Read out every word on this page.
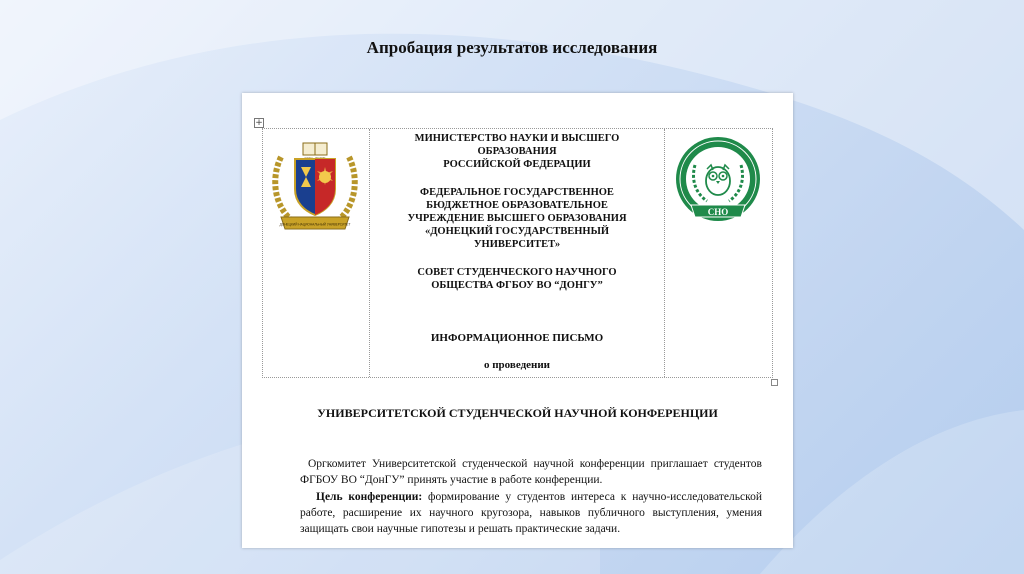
Апробация результатов исследования
+
ДОНЕЦКИЙ НАЦИОНАЛЬНЫЙ УНИВЕРСИТЕТ
МИНИСТЕРСТВО НАУКИ И ВЫСШЕГО
ОБРАЗОВАНИЯ
РОССИЙСКОЙ ФЕДЕРАЦИИ
ФЕДЕРАЛЬНОЕ ГОСУДАРСТВЕННОЕ
БЮДЖЕТНОЕ ОБРАЗОВАТЕЛЬНОЕ
УЧРЕЖДЕНИЕ ВЫСШЕГО ОБРАЗОВАНИЯ
«ДОНЕЦКИЙ ГОСУДАРСТВЕННЫЙ
УНИВЕРСИТЕТ»
СОВЕТ СТУДЕНЧЕСКОГО НАУЧНОГО
ОБЩЕСТВА ФГБОУ ВО “ДОНГУ”
ИНФОРМАЦИОННОЕ ПИСЬМО
о проведении
СНО
УНИВЕРСИТЕТСКОЙ СТУДЕНЧЕСКОЙ НАУЧНОЙ КОНФЕРЕНЦИИ

Оргкомитет Университетской студенческой научной конференции приглашает студентов ФГБОУ ВО “ДонГУ” принять участие в работе конференции.

Цель конференции: формирование у студентов интереса к научно-исследовательской работе, расширение их научного кругозора, навыков публичного выступления, умения защищать свои научные гипотезы и решать практические задачи.
